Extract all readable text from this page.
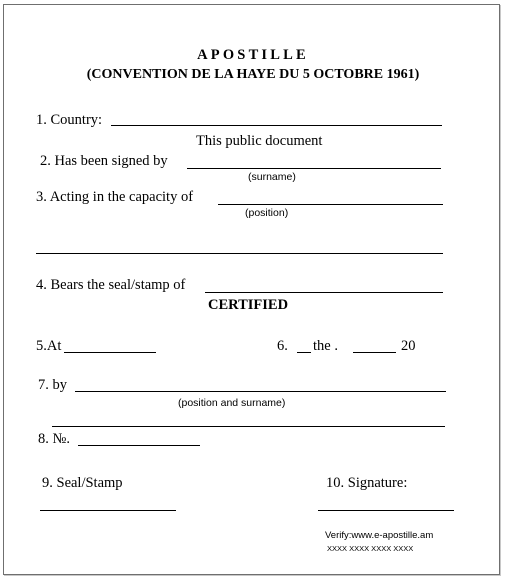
APOSTILLE
(CONVENTION DE LA HAYE DU 5 OCTOBRE 1961)
1. Country:
This public document
2. Has been signed by
(surname)
3. Acting in the capacity of
(position)
4. Bears the seal/stamp of
CERTIFIED
5.At	6. the .	20
7. by
(position and surname)
8. №.
9. Seal/Stamp	10. Signature:
Verify:www.e-apostille.am
XXXX XXXX XXXX XXXX
